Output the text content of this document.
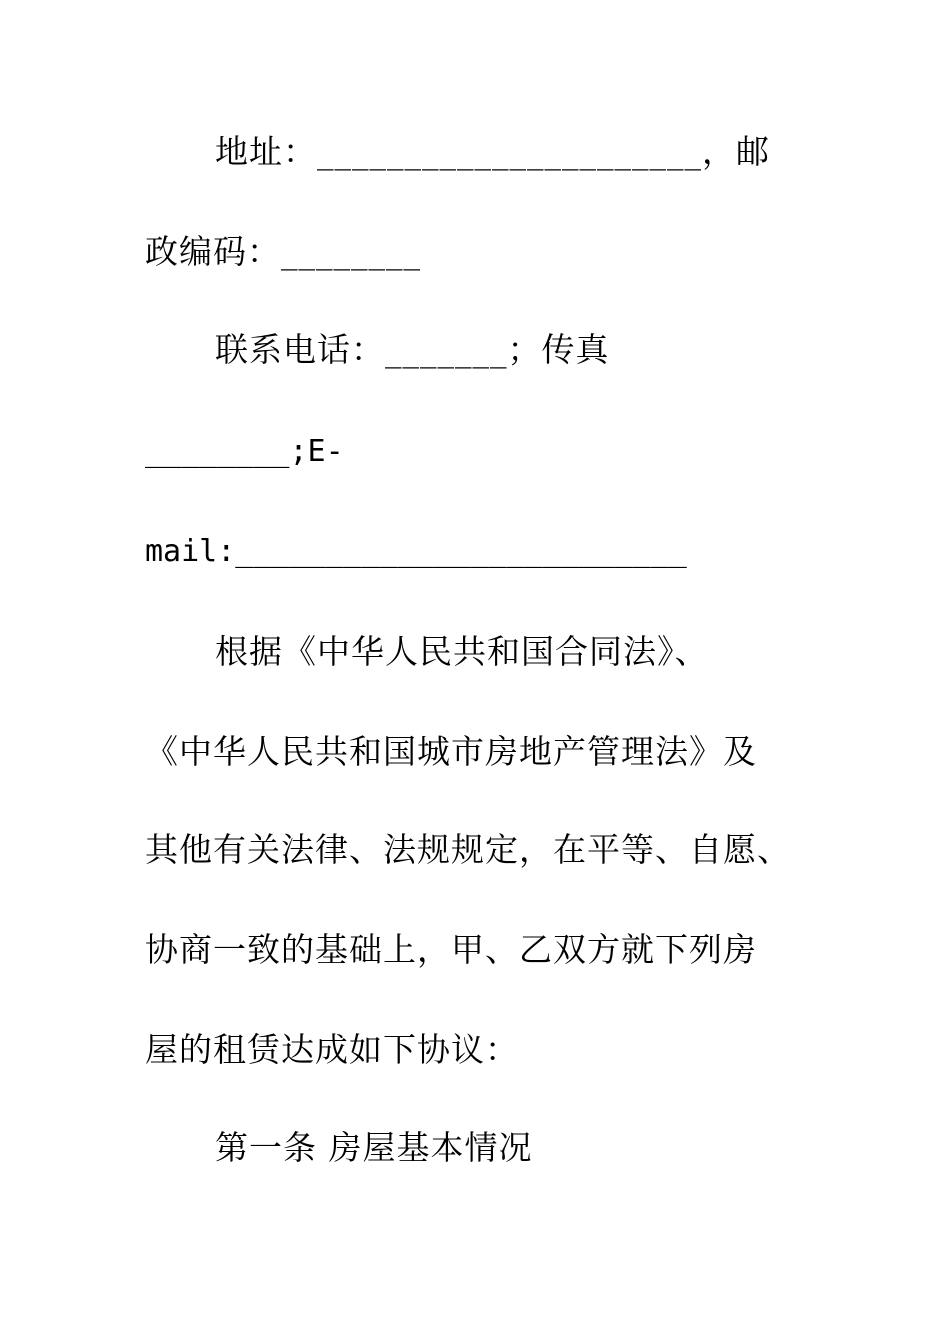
地址：______________________，邮
政编码：________
联系电话：_______；传真
________;E-
mail:_________________________
根据《中华人民共和国合同法》、
《中华人民共和国城市房地产管理法》及
其他有关法律、法规规定，在平等、自愿、
协商一致的基础上，甲、乙双方就下列房
屋的租赁达成如下协议：
第一条 房屋基本情况
